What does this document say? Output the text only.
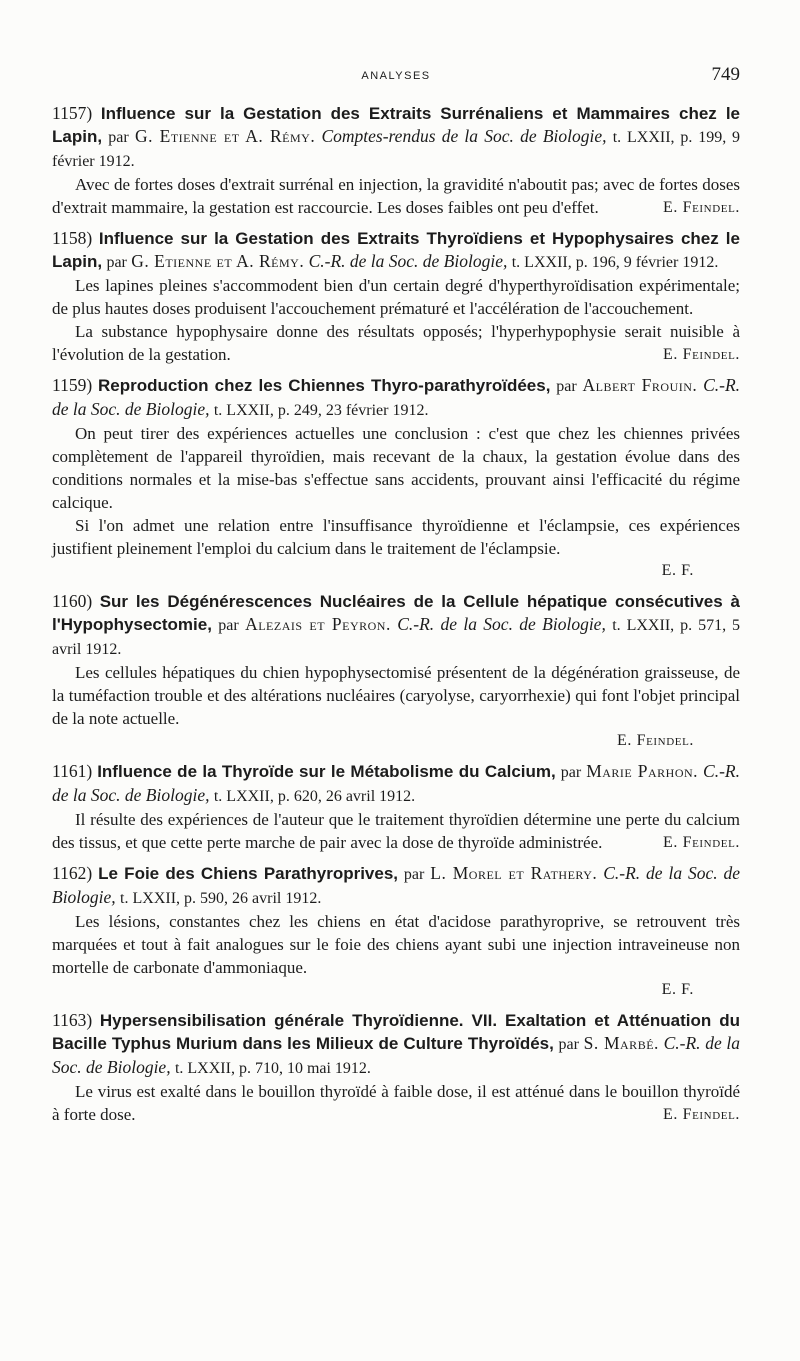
ANALYSES	749

1157) Influence sur la Gestation des Extraits Surrénaliens et Mammaires chez le Lapin, par G. Etienne et A. Rémy. Comptes-rendus de la Soc. de Biologie, t. LXXII, p. 199, 9 février 1912.

Avec de fortes doses d'extrait surrénal en injection, la gravidité n'aboutit pas; avec de fortes doses d'extrait mammaire, la gestation est raccourcie. Les doses faibles ont peu d'effet.	E. Feindel.

1158) Influence sur la Gestation des Extraits Thyroïdiens et Hypophysaires chez le Lapin, par G. Etienne et A. Rémy. C.-R. de la Soc. de Biologie, t. LXXII, p. 196, 9 février 1912.

Les lapines pleines s'accommodent bien d'un certain degré d'hyperthyroïdisation expérimentale; de plus hautes doses produisent l'accouchement prématuré et l'accélération de l'accouchement.

La substance hypophysaire donne des résultats opposés; l'hyperhypophysie serait nuisible à l'évolution de la gestation.	E. Feindel.

1159) Reproduction chez les Chiennes Thyro-parathyroïdées, par Albert Frouin. C.-R. de la Soc. de Biologie, t. LXXII, p. 249, 23 février 1912.

On peut tirer des expériences actuelles une conclusion : c'est que chez les chiennes privées complètement de l'appareil thyroïdien, mais recevant de la chaux, la gestation évolue dans des conditions normales et la mise-bas s'effectue sans accidents, prouvant ainsi l'efficacité du régime calcique.

Si l'on admet une relation entre l'insuffisance thyroïdienne et l'éclampsie, ces expériences justifient pleinement l'emploi du calcium dans le traitement de l'éclampsie.

E. F.

1160) Sur les Dégénérescences Nucléaires de la Cellule hépatique consécutives à l'Hypophysectomie, par Alezais et Peyron. C.-R. de la Soc. de Biologie, t. LXXII, p. 571, 5 avril 1912.

Les cellules hépatiques du chien hypophysectomisé présentent de la dégénération graisseuse, de la tuméfaction trouble et des altérations nucléaires (caryolyse, caryorrhexie) qui font l'objet principal de la note actuelle.

E. Feindel.

1161) Influence de la Thyroïde sur le Métabolisme du Calcium, par Marie Parhon. C.-R. de la Soc. de Biologie, t. LXXII, p. 620, 26 avril 1912.

Il résulte des expériences de l'auteur que le traitement thyroïdien détermine une perte du calcium des tissus, et que cette perte marche de pair avec la dose de thyroïde administrée.	E. Feindel.

1162) Le Foie des Chiens Parathyroprives, par L. Morel et Rathery. C.-R. de la Soc. de Biologie, t. LXXII, p. 590, 26 avril 1912.

Les lésions, constantes chez les chiens en état d'acidose parathyroprive, se retrouvent très marquées et tout à fait analogues sur le foie des chiens ayant subi une injection intraveineuse non mortelle de carbonate d'ammoniaque.

E. F.

1163) Hypersensibilisation générale Thyroïdienne. VII. Exaltation et Atténuation du Bacille Typhus Murium dans les Milieux de Culture Thyroïdés, par S. Marbé. C.-R. de la Soc. de Biologie, t. LXXII, p. 710, 10 mai 1912.

Le virus est exalté dans le bouillon thyroïdé à faible dose, il est atténué dans le bouillon thyroïdé à forte dose.	E. Feindel.
